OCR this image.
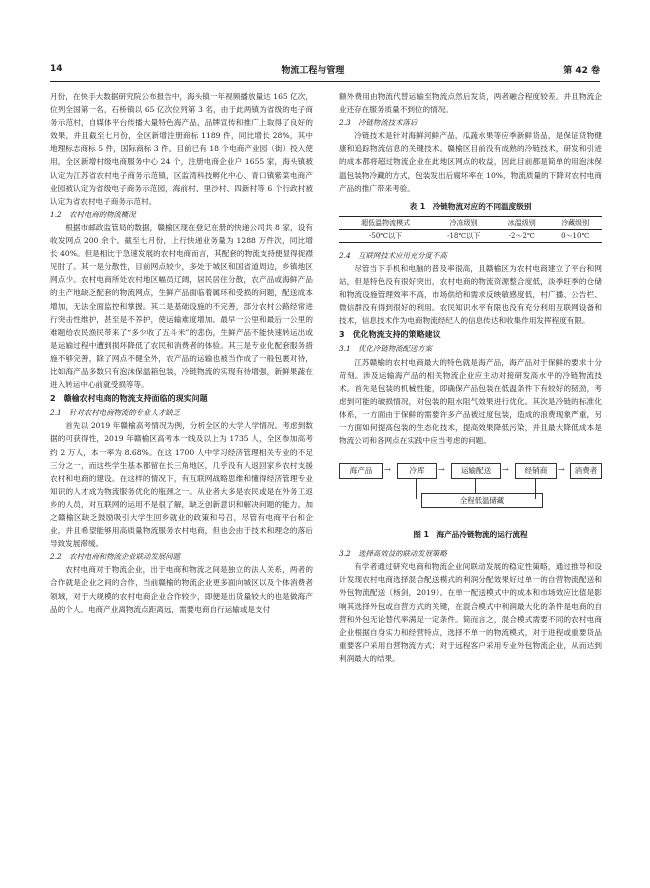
14	物流工程与管理	第 42 卷

月份，在快手大数据研究院公布报告中，海头镇一年视频播放量达 165 亿次，位列全国第一名，石桥镇以 65 亿次位列第 3 名，由于此两镇为省级的电子商务示范村，自媒体平台传播大量特色海产品，品牌宣传和推广上取得了良好的效果，并且截至七月份，全区新增注册商标 1189 件，同比增长 28%，其中地理标志商标 5 件，国际商标 3 件。目前已有 18 个电商产业园（街）投入使用，全区新增村级电商服务中心 24 个，注册电商企业户 1655 家，海头镇被认定为江苏省农村电子商务示范镇，区监湾科技孵化中心、青口镇紫菜电商产业园被认定为省级电子商务示范园，海前村、里沙村、四新村等 6 个行政村被认定为省农村电子商务示范村。

1.2　农村电商的物流概况

根据市邮政监管局的数据，赣榆区现在登记在册的快递公司共 8 家，设有收发网点 200 余个。截至七月份，上行快递业务量为 1288 万件次，同比增长 40%。但是相比于急速发展的农村电商而言，其配套的物流支持便显得捉襟见肘了。其一是分散性，目前网点较少，多处于城区和国省道周边，乡镇地区网点少。农村电商所处农村地区幅员辽阔，居民居住分散，农产品或海鲜产品的主产地缺乏配套的物流网点，生鲜产品面临着属环和受损的问题，配送成本增加，无法全面监控和掌握。其二是基础设施的不完善，部分农村公路经常进行突击性维护，甚至是不养护，使运输难度增加。最早一公里和最后一公里的难题给农民渔民带来了“多少收了五斗米”的悲伤，生鲜产品不能快速转运出或是运输过程中遭到损坏降低了农民和消费者的体验。其三是专业化配套服务措施不够完善，除了网点不健全外，农产品的运输也被当作成了一般包裹对待，比如海产品多数只有泡沫保温箱包装，冷链物流的实现有待增强，新鲜果蔬在进入转运中心前就受损等等。

2　赣榆农村电商的物流支持面临的现实问题
2.1　针对农村电商物流的专业人才缺乏

首先以 2019 年赣榆高考情况为例，分析全区的大学人学情况。考虑到数据的可获得性，2019 年赣榆区高考本一线及以上为 1735 人，全区参加高考约 2 万人，本一率为 8.68%。在这 1700 人中学习经济管理相关专业的不足三分之一，而这些学生基本都留在长三角地区，几乎没有人返回家乡农村支援农村和电商的建设。在这样的情况下，有互联网战略思维和懂得经济管理专业知识的人才成为物流服务优化的瓶颈之一。从业者大多是农民或是在外务工返乡的人员，对互联网的运用不是很了解，缺乏创新意识和解决问题的能力。加之赣榆区缺乏鼓励吸引大学生回乡就业的政策和号召，尽管有电商平台和企业，并且希望能够用高质量物流服务农村电商，但也会由于技术和理念的落后导致发展滞缓。

2.2　农村电商和物流企业联动发展问题

农村电商对于物流企业，出于电商和物流之间是独立的法人关系，两者的合作就是企业之间的合作，当前赣榆的物流企业更多面向城区以及个体消费者领域，对于大规模的农村电商企业合作较少，即便是出货量较大的也是做海产品的个人。电商产业离物流点距离远，需要电商自行运输或是支付

额外费用由物流代替运输至物流点然后发货，两者融合程度较差。并且物流企业还存在服务质量不到位的情况。

2.3　冷链物流技术落后

冷链技术是针对海鲜河鲜产品，瓜蔬水果等应季新鲜货品，是保证货物健康和追踪物流信息的关键技术。赣榆区目前没有成熟的冷链技术，研发和引进的成本都将超过物流企业在此地区网点的收益，因此目前都是简单的用泡沫保温包装物冷藏的方式，包装发出后腐坏率在 10%，物流质量的下降对农村电商产品的推广带来考验。

表 1　冷链物流对应的不同温度级别
超低温物流模式	冷冻级别	冰温级别	冷藏级别
-50℃以下	-18℃以下	-2～2℃	0～10℃
2.4　互联网技术应用充分度不高

尽管当下手机和电脑的普及率很高，且赣榆区为农村电商建立了平台和网站，但是特色没有很好突出，农村电商的物流资源整合度低，淡季旺季的仓储和物流设施管理效率不高，市场供给和需求反映敏感度低，村广播、公告栏、微信群没有得到很好的利用。农民知识水平有限也没有充分利用互联网设备和技术，信息技术作为电商物流经纪人的信息传达和收集作用发挥程度有限。

3　优化物流支持的策略建议
3.1　优化冷链物流配送方案

江苏赣榆的农村电商最大的特色就是海产品，海产品对于保鲜的要求十分苛刻。涉及运输海产品的相关物流企业应主动对接研发高水平的冷链物流技术。首先是包装的机械性能，即确保产品包装在低温条件下有较好的韧劲，考虑到可能的破损情况，对包装的阻水阻气效果进行优化。其次是冷链的标准化体系，一方面由于保鲜的需要许多产品被过度包装，造成的浪费现象严重，另一方面如何提高包装的生态化技术，提高效果降低污染，并且最大降低成本是物流公司和各网点在实践中应当考虑的问题。

海产品	→	冷库	→	运输配送	→	经销商	→	消费者
全程低温储藏
图 1　海产品冷链物流的运行流程
3.2　选择高效益的联动发展策略

有学者通过研究电商和物流企业间联动发展的稳定性策略，通过推导和设计发现农村电商选择混合配送模式的利润分配效果好过单一的自营物流配送和外包物流配送（杨剑，2019）。在单一配送模式中的成本和市场效应比值是影响其选择外包或自营方式的关键，在混合模式中利润最大化的条件是电商的自营和外包无论替代率满足一定条件。简而言之，混合模式需要不同的农村电商企业根据自身实力和经营特点，选择不单一的物流模式，对于进程或重要货品重要客户采用自营物流方式；对于远程客户采用专业外包物流企业，从而达到利润最大的结果。
